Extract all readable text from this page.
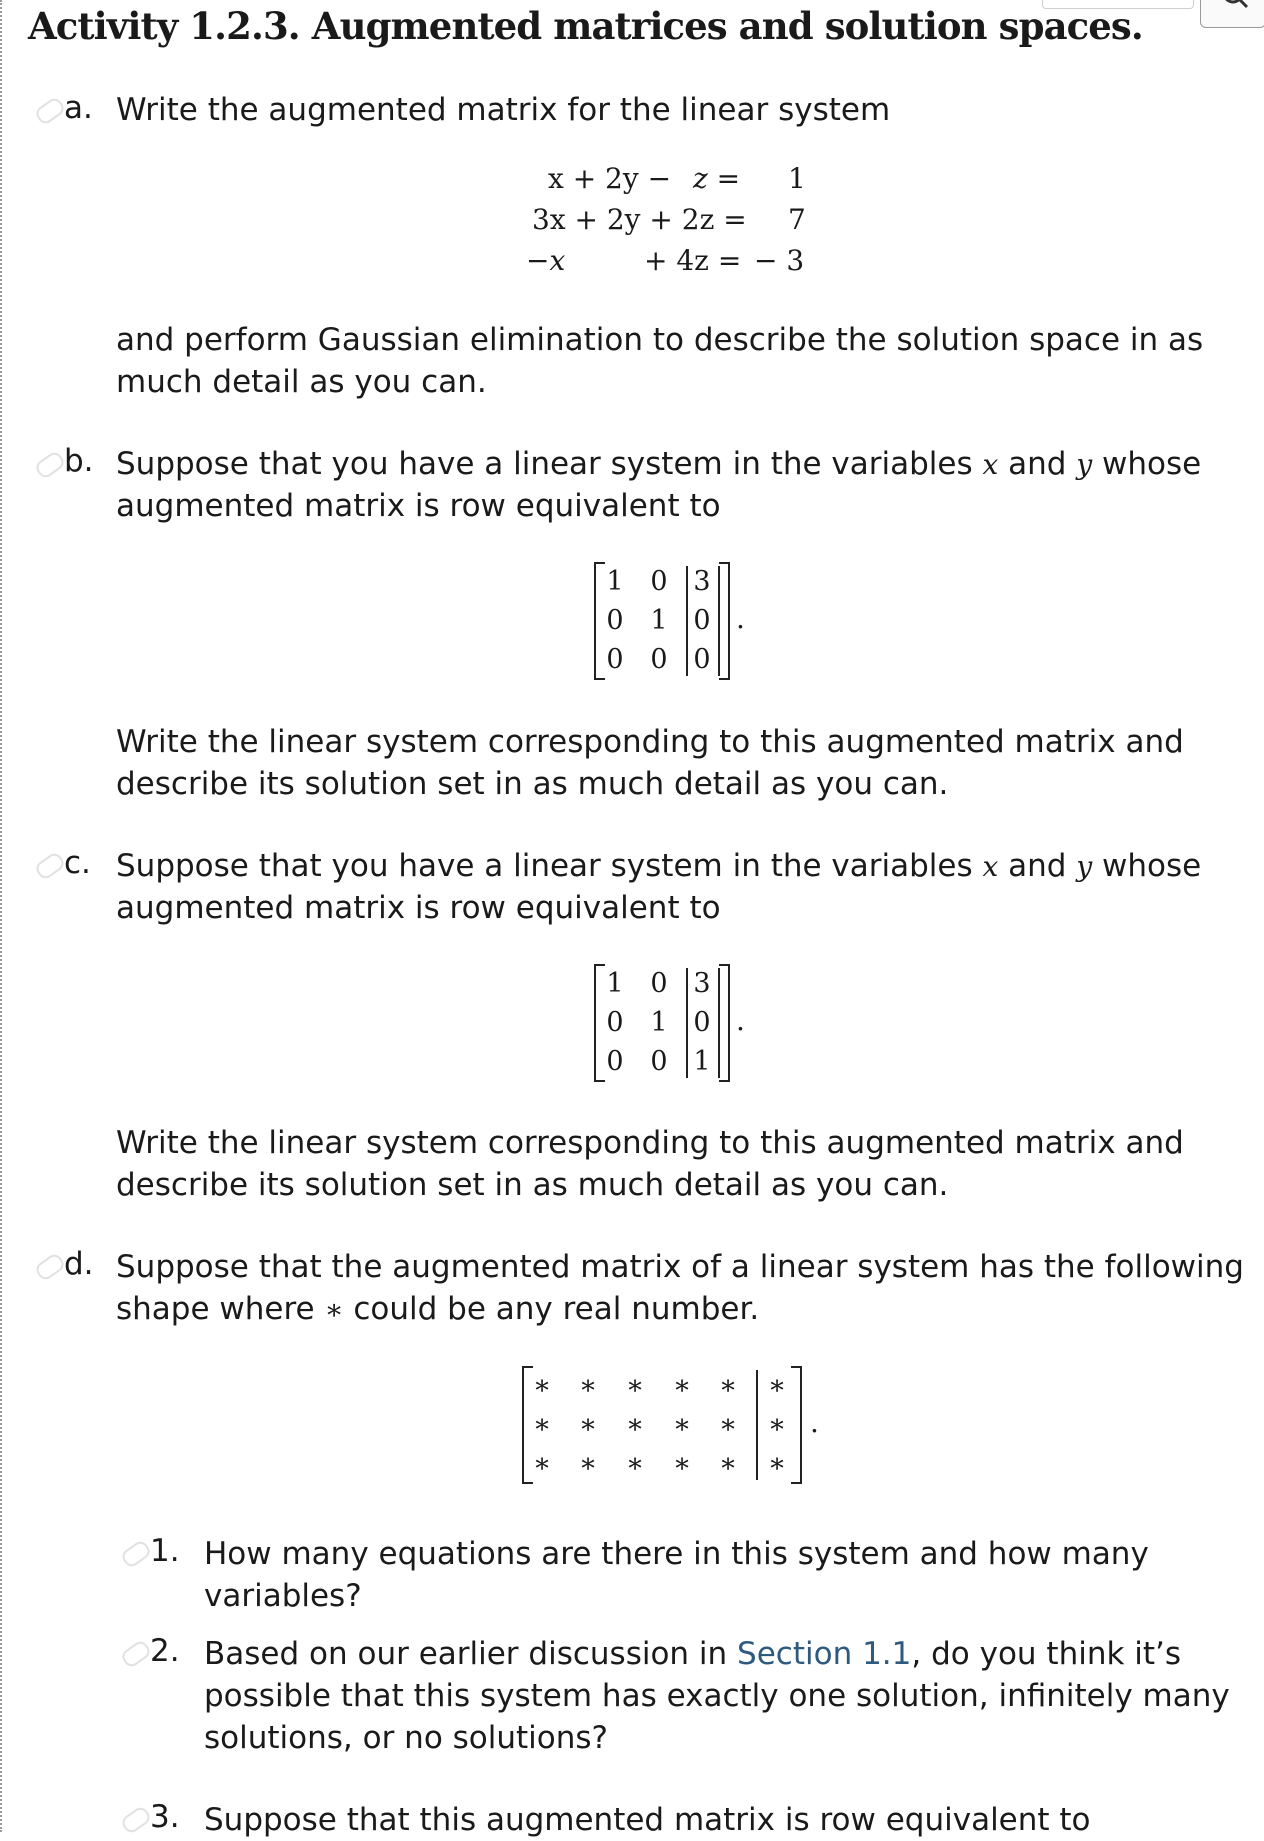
Activity 1.2.3. Augmented matrices and solution spaces.
a. Write the augmented matrix for the linear system
x + 2y − z = 1
3x + 2y + 2z = 7
−x	+ 4z = − 3
and perform Gaussian elimination to describe the solution space in as
much detail as you can.
b. Suppose that you have a linear system in the variables x and y whose
augmented matrix is row equivalent to
1 0 3
0 1 0
0 0 0
.
Write the linear system corresponding to this augmented matrix and
describe its solution set in as much detail as you can.
c. Suppose that you have a linear system in the variables x and y whose
augmented matrix is row equivalent to
1 0 3
0 1 0
0 0 1
.
Write the linear system corresponding to this augmented matrix and
describe its solution set in as much detail as you can.
d. Suppose that the augmented matrix of a linear system has the following
shape where ∗ could be any real number.
∗	∗	∗	∗	∗	∗
∗	∗	∗	∗	∗	∗
∗	∗	∗	∗	∗	∗
.
1. How many equations are there in this system and how many
variables?
2. Based on our earlier discussion in Section 1.1, do you think it’s
possible that this system has exactly one solution, infinitely many
solutions, or no solutions?
3. Suppose that this augmented matrix is row equivalent to
